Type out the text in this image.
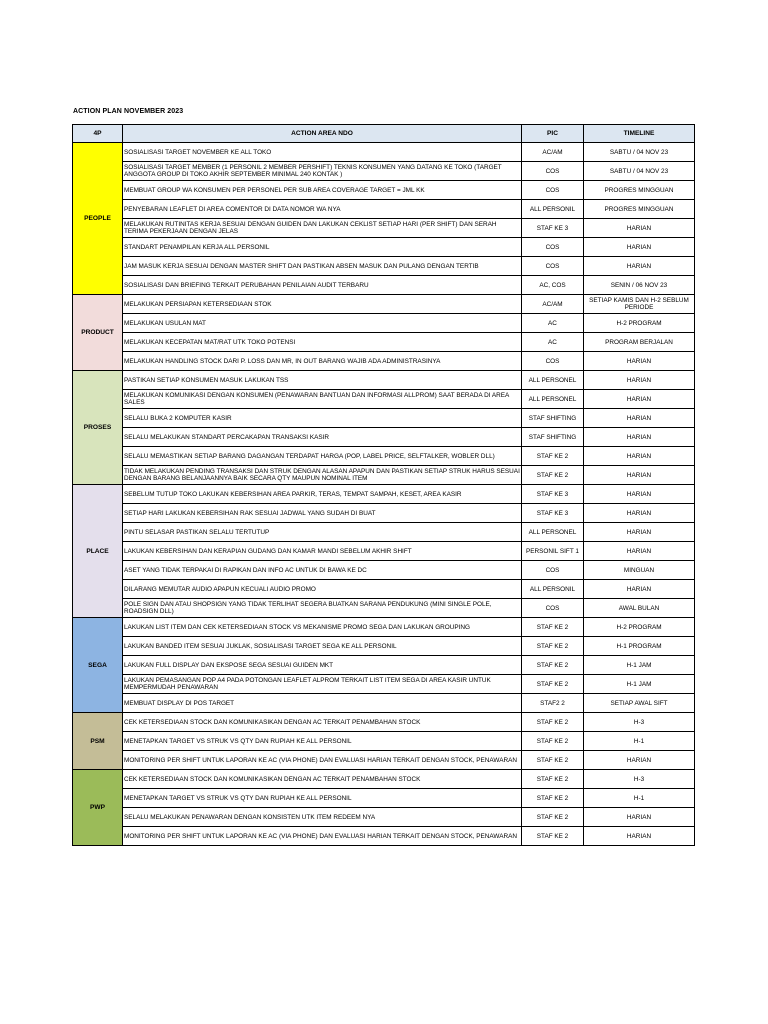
ACTION PLAN NOVEMBER 2023
4P	ACTION AREA NDO	PIC	TIMELINE
PEOPLE	SOSIALISASI TARGET NOVEMBER KE ALL TOKO	AC/AM	SABTU / 04 NOV 23
	SOSIALISASI TARGET MEMBER (1 PERSONIL 2 MEMBER PERSHIFT) TEKNIS KONSUMEN YANG DATANG KE TOKO (TARGET ANGGOTA GROUP DI TOKO AKHIR SEPTEMBER MINIMAL 240 KONTAK )	COS	SABTU / 04 NOV 23
	MEMBUAT GROUP WA KONSUMEN PER PERSONEL PER SUB AREA COVERAGE TARGET = JML KK	COS	PROGRES MINGGUAN
	PENYEBARAN LEAFLET DI AREA COMENTOR DI DATA NOMOR WA NYA	ALL PERSONIL	PROGRES MINGGUAN
	MELAKUKAN RUTINITAS KERJA SESUAI DENGAN GUIDEN DAN LAKUKAN CEKLIST SETIAP HARI (PER SHIFT) DAN SERAH TERIMA PEKERJAAN DENGAN JELAS	STAF KE 3	HARIAN
	STANDART PENAMPILAN KERJA ALL PERSONIL	COS	HARIAN
	JAM MASUK KERJA SESUAI DENGAN MASTER SHIFT DAN PASTIKAN ABSEN MASUK DAN PULANG DENGAN TERTIB	COS	HARIAN
	SOSIALISASI DAN BRIEFING TERKAIT PERUBAHAN PENILAIAN AUDIT TERBARU	AC, COS	SENIN / 06 NOV 23
PRODUCT	MELAKUKAN PERSIAPAN KETERSEDIAAN STOK	AC/AM	SETIAP KAMIS DAN H-2 SEBLUM PERIODE
	MELAKUKAN USULAN MAT	AC	H-2 PROGRAM
	MELAKUKAN KECEPATAN MAT/RAT UTK TOKO POTENSI	AC	PROGRAM BERJALAN
	MELAKUKAN HANDLING STOCK DARI P. LOSS DAN MR, IN OUT BARANG WAJIB ADA ADMINISTRASINYA	COS	HARIAN
PROSES	PASTIKAN SETIAP KONSUMEN MASUK LAKUKAN TSS	ALL PERSONEL	HARIAN
	MELAKUKAN KOMUNIKASI DENGAN KONSUMEN (PENAWARAN BANTUAN DAN INFORMASI ALLPROM) SAAT BERADA DI AREA SALES	ALL PERSONEL	HARIAN
	SELALU BUKA 2 KOMPUTER KASIR	STAF SHIFTING	HARIAN
	SELALU MELAKUKAN STANDART PERCAKAPAN TRANSAKSI KASIR	STAF SHIFTING	HARIAN
	SELALU MEMASTIKAN SETIAP BARANG DAGANGAN TERDAPAT HARGA (POP, LABEL PRICE, SELFTALKER, WOBLER DLL)	STAF KE 2	HARIAN
	TIDAK MELAKUKAN PENDING TRANSAKSI DAN STRUK DENGAN ALASAN APAPUN DAN PASTIKAN SETIAP STRUK HARUS SESUAI DENGAN BARANG BELANJAANNYA BAIK SECARA QTY MAUPUN NOMINAL ITEM	STAF KE 2	HARIAN
PLACE	SEBELUM TUTUP TOKO LAKUKAN KEBERSIHAN AREA PARKIR, TERAS, TEMPAT SAMPAH, KESET, AREA KASIR	STAF KE 3	HARIAN
	SETIAP HARI LAKUKAN KEBERSIHAN RAK SESUAI JADWAL YANG SUDAH DI BUAT	STAF KE 3	HARIAN
	PINTU SELASAR PASTIKAN SELALU TERTUTUP	ALL PERSONEL	HARIAN
	LAKUKAN KEBERSIHAN DAN KERAPIAN GUDANG DAN KAMAR MANDI SEBELUM AKHIR SHIFT	PERSONIL SIFT 1	HARIAN
	ASET YANG TIDAK TERPAKAI DI RAPIKAN DAN INFO AC UNTUK DI BAWA KE DC	COS	MINGUAN
	DILARANG MEMUTAR AUDIO APAPUN KECUALI AUDIO PROMO	ALL PERSONIL	HARIAN
	POLE SIGN DAN ATAU SHOPSIGN YANG TIDAK TERLIHAT SEGERA BUATKAN SARANA PENDUKUNG (MINI SINGLE POLE, ROADSIGN DLL)	COS	AWAL BULAN
SEGA	LAKUKAN LIST ITEM DAN CEK KETERSEDIAAN STOCK VS MEKANISME PROMO SEGA DAN LAKUKAN GROUPING	STAF KE 2	H-2 PROGRAM
	LAKUKAN BANDED ITEM SESUAI JUKLAK, SOSIALISASI TARGET SEGA KE ALL PERSONIL	STAF KE 2	H-1 PROGRAM
	LAKUKAN FULL DISPLAY DAN EKSPOSE SEGA SESUAI GUIDEN MKT	STAF KE 2	H-1 JAM
	LAKUKAN PEMASANGAN POP A4 PADA POTONGAN LEAFLET ALPROM TERKAIT LIST ITEM SEGA DI AREA KASIR UNTUK MEMPERMUDAH PENAWARAN	STAF KE 2	H-1 JAM
	MEMBUAT DISPLAY DI POS TARGET	STAF2 2	SETIAP AWAL SIFT
PSM	CEK KETERSEDIAAN STOCK DAN KOMUNIKASIKAN DENGAN AC TERKAIT PENAMBAHAN STOCK	STAF KE 2	H-3
	MENETAPKAN TARGET VS STRUK VS QTY DAN RUPIAH KE ALL PERSONIL	STAF KE 2	H-1
	MONITORING PER SHIFT UNTUK LAPORAN KE AC (VIA PHONE) DAN EVALUASI HARIAN TERKAIT DENGAN STOCK, PENAWARAN	STAF KE 2	HARIAN
PWP	CEK KETERSEDIAAN STOCK DAN KOMUNIKASIKAN DENGAN AC TERKAIT PENAMBAHAN STOCK	STAF KE 2	H-3
	MENETAPKAN TARGET VS STRUK VS QTY DAN RUPIAH KE ALL PERSONIL	STAF KE 2	H-1
	SELALU MELAKUKAN PENAWARAN DENGAN KONSISTEN UTK ITEM REDEEM NYA	STAF KE 2	HARIAN
	MONITORING PER SHIFT UNTUK LAPORAN KE AC (VIA PHONE) DAN EVALUASI HARIAN TERKAIT DENGAN STOCK, PENAWARAN	STAF KE 2	HARIAN
